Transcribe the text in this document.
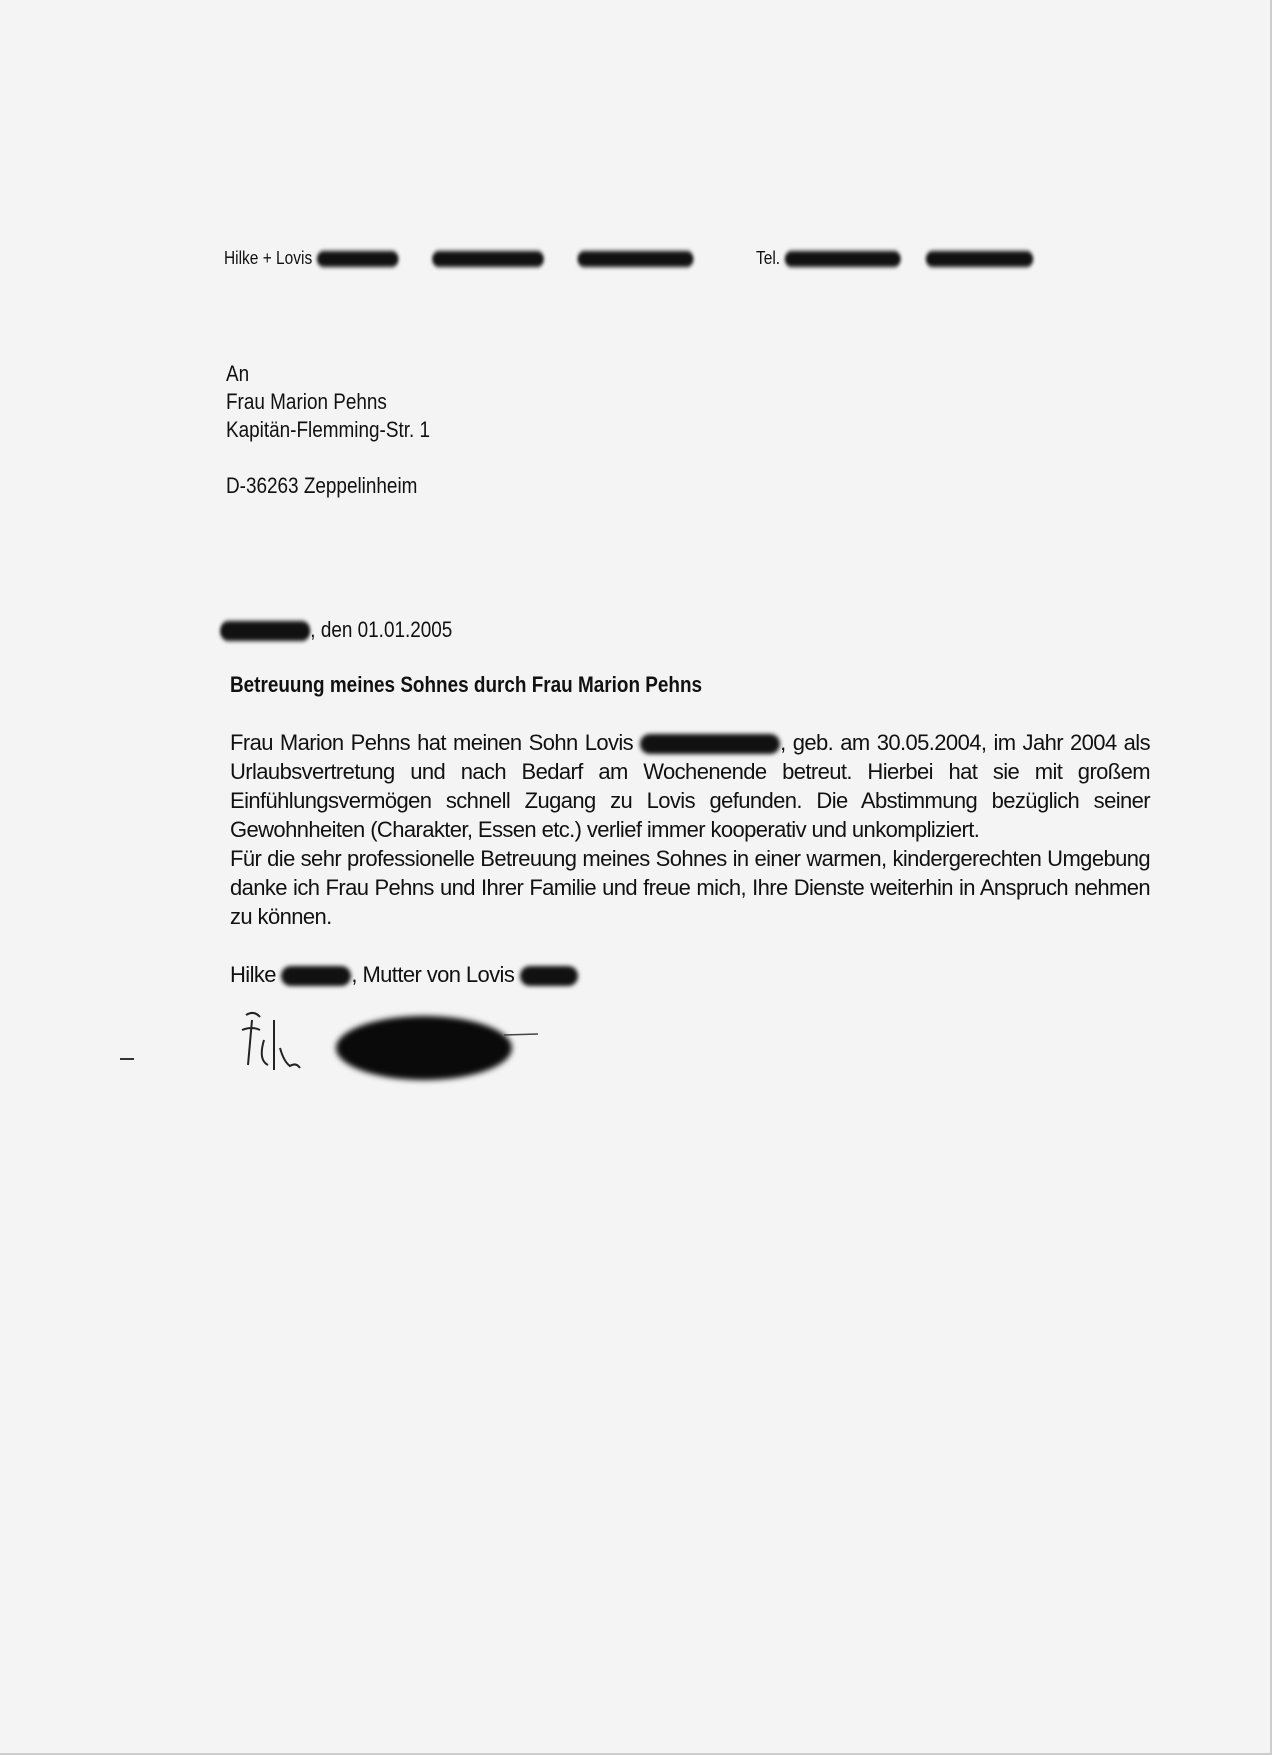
Hilke + Lovis	Tel.
An
Frau Marion Pehns
Kapitän-Flemming-Str. 1

D-36263 Zeppelinheim
, den 01.01.2005
Betreuung meines Sohnes durch Frau Marion Pehns
Frau Marion Pehns hat meinen Sohn Lovis	, geb. am 30.05.2004, im Jahr 2004 als
Urlaubsvertretung und nach Bedarf am Wochenende betreut. Hierbei hat sie mit großem
Einfühlungsvermögen schnell Zugang zu Lovis gefunden. Die Abstimmung bezüglich seiner
Gewohnheiten (Charakter, Essen etc.) verlief immer kooperativ und unkompliziert.
Für die sehr professionelle Betreuung meines Sohnes in einer warmen, kindergerechten Umgebung
danke ich Frau Pehns und Ihrer Familie und freue mich, Ihre Dienste weiterhin in Anspruch nehmen
zu können.
Hilke	, Mutter von Lovis
